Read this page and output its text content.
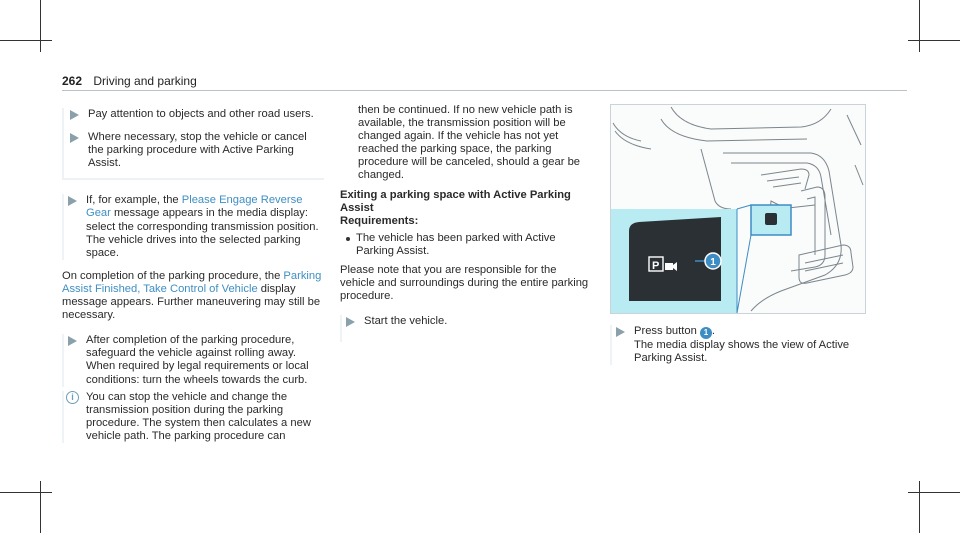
262 Driving and parking
Pay attention to objects and other road users.
Where necessary, stop the vehicle or cancel the parking procedure with Active Parking Assist.
If, for example, the Please Engage Reverse Gear message appears in the media display: select the corresponding transmission position.
The vehicle drives into the selected parking space.
On completion of the parking procedure, the Parking Assist Finished, Take Control of Vehicle display message appears. Further maneuvering may still be necessary.
After completion of the parking procedure, safeguard the vehicle against rolling away. When required by legal requirements or local conditions: turn the wheels towards the curb.
i	You can stop the vehicle and change the transmission position during the parking procedure. The system then calculates a new vehicle path. The parking procedure can
then be continued. If no new vehicle path is available, the transmission position will be changed again. If the vehicle has not yet reached the parking space, the parking procedure will be canceled, should a gear be changed.
Exiting a parking space with Active Parking Assist
Requirements:
The vehicle has been parked with Active Parking Assist.
Please note that you are responsible for the vehicle and surroundings during the entire parking procedure.
Start the vehicle.
P	1
Press button 1 .
The media display shows the view of Active Parking Assist.
